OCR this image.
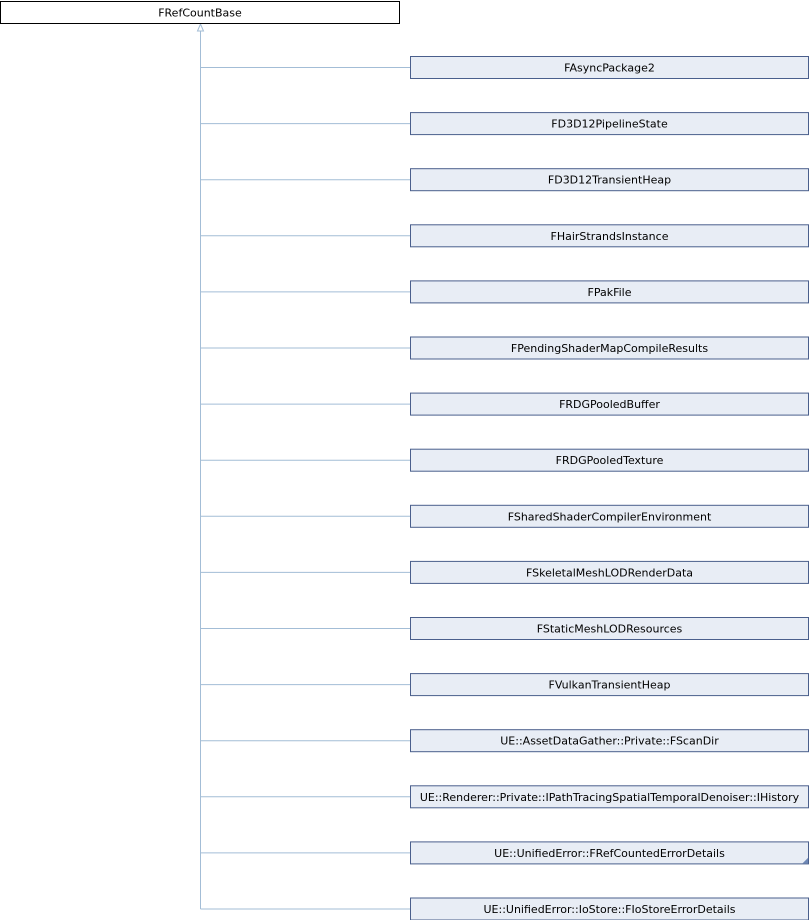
FRefCountBase
FAsyncPackage2
FD3D12PipelineState
FD3D12TransientHeap
FHairStrandsInstance
FPakFile
FPendingShaderMapCompileResults
FRDGPooledBuffer
FRDGPooledTexture
FSharedShaderCompilerEnvironment
FSkeletalMeshLODRenderData
FStaticMeshLODResources
FVulkanTransientHeap
UE::AssetDataGather::Private::FScanDir
UE::Renderer::Private::IPathTracingSpatialTemporalDenoiser::IHistory
UE::UnifiedError::FRefCountedErrorDetails
UE::UnifiedError::IoStore::FIoStoreErrorDetails
